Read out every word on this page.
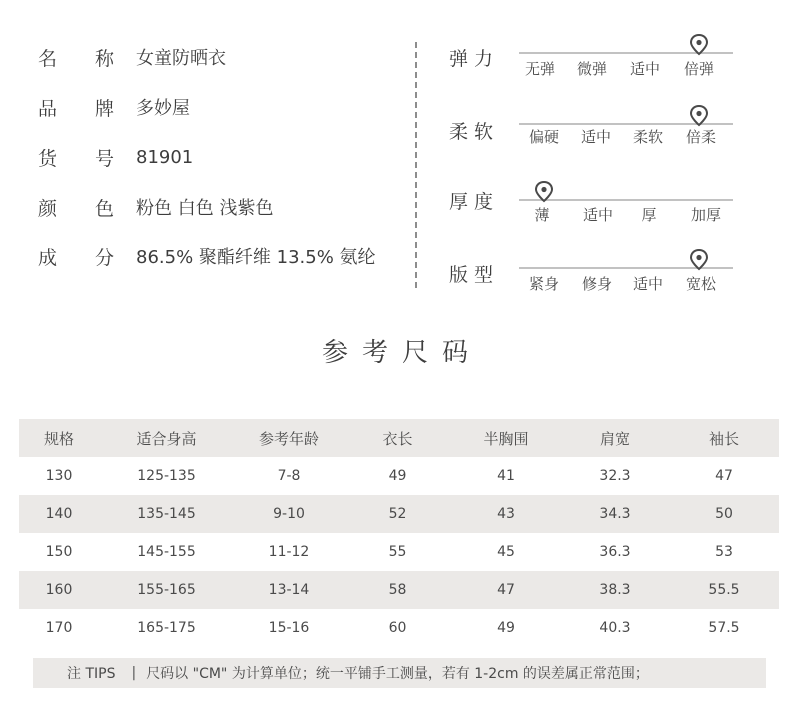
名 称 女童防晒衣
品 牌 多妙屋
货 号 81901
颜 色 粉色 白色 浅紫色
成 分 86.5% 聚酯纤维 13.5% 氨纶
弹力 无弹 微弹 适中 倍弹
柔软 偏硬 适中 柔软 倍柔
厚度
薄 适中 厚 加厚
版型 紧身 修身 适中 宽松
参考尺码
规格	适合身高	参考年龄	衣长	半胸围	肩宽	袖长
130	125-135	7-8	49	41	32.3	47
140	135-145	9-10	52	43	34.3	50
150	145-155	11-12	55	45	36.3	53
160	155-165	13-14	58	47	38.3	55.5
170	165-175	15-16	60	49	40.3	57.5
注 TIPS | 尺码以 "CM" 为计算单位；统一平铺手工测量，若有 1-2cm 的误差属正常范围；
